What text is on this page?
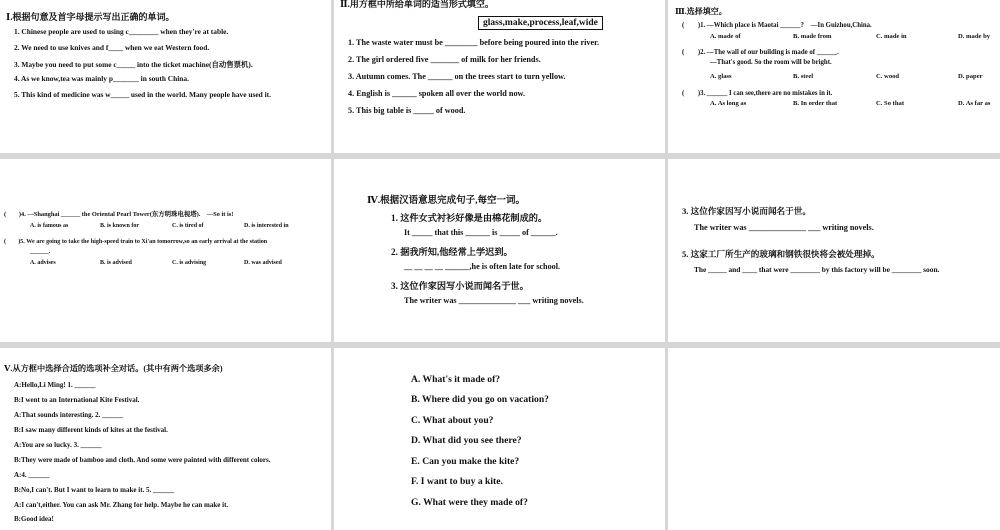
Ⅰ.根据句意及首字母提示写出正确的单词。
1. Chinese people are used to using c________ when they're at table.
2. We need to use knives and f____ when we eat Western food.
3. Maybe you need to put some c_____ into the ticket machine(自动售票机).
4. As we know,tea was mainly p_______ in south China.
5. This kind of medicine was w_____ used in the world. Many people have used it.
Ⅱ.用方框中所给单词的适当形式填空。
glass,make,process,leaf,wide
1. The waste water must be ________ before being poured into the river.
2. The girl ordered five _______ of milk for her friends.
3. Autumn comes. The ______ on the trees start to turn yellow.
4. English is ______ spoken all over the world now.
5. This big table is _____ of wood.
Ⅲ.选择填空。
(　　)1. —Which place is Maotai ______?　—In Guizhou,China.
A. made of	B. made from	C. made in	D. made by
(　　)2. —The wall of our building is made of ______.
—That's good. So the room will be bright.
A. glass	B. steel	C. wood	D. paper
(　　)3. ______ I can see,there are no mistakes in it.
A. As long as	B. In order that	C. So that	D. As far as
(　　)4. —Shanghai ______ the Oriental Pearl Tower(东方明珠电视塔).　—So it is!
A. is famous as	B. is known for	C. is tired of	D. is interested in
(　　)5. We are going to take the high-speed train to Xi'an tomorrow,so an early arrival at the station
______.
A. advises	B. is advised	C. is advising	D. was advised
Ⅳ.根据汉语意思完成句子,每空一词。
1. 这件女式衬衫好像是由棉花制成的。
It _____ that this ______ is _____ of ______.
2. 据我所知,他经常上学迟到。
__ __ __ __ ______,he is often late for school.
3. 这位作家因写小说而闻名于世。
The writer was ______________ ___ writing novels.
3. 这位作家因写小说而闻名于世。
The writer was ______________ ___ writing novels.
5. 这家工厂所生产的玻璃和钢铁很快将会被处理掉。
The _____ and ____ that were ________ by this factory will be ________ soon.
Ⅴ.从方框中选择合适的选项补全对话。(其中有两个选项多余)
A:Hello,Li Ming! 1. ______
B:I went to an International Kite Festival.
A:That sounds interesting. 2. ______
B:I saw many different kinds of kites at the festival.
A:You are so lucky. 3. ______
B:They were made of bamboo and cloth. And some were painted with different colors.
A:4. ______
B:No,I can't. But I want to learn to make it. 5. ______
A:I can't,either. You can ask Mr. Zhang for help. Maybe he can make it.
B:Good idea!
A. What's it made of?
B. Where did you go on vacation?
C. What about you?
D. What did you see there?
E. Can you make the kite?
F. I want to buy a kite.
G. What were they made of?
